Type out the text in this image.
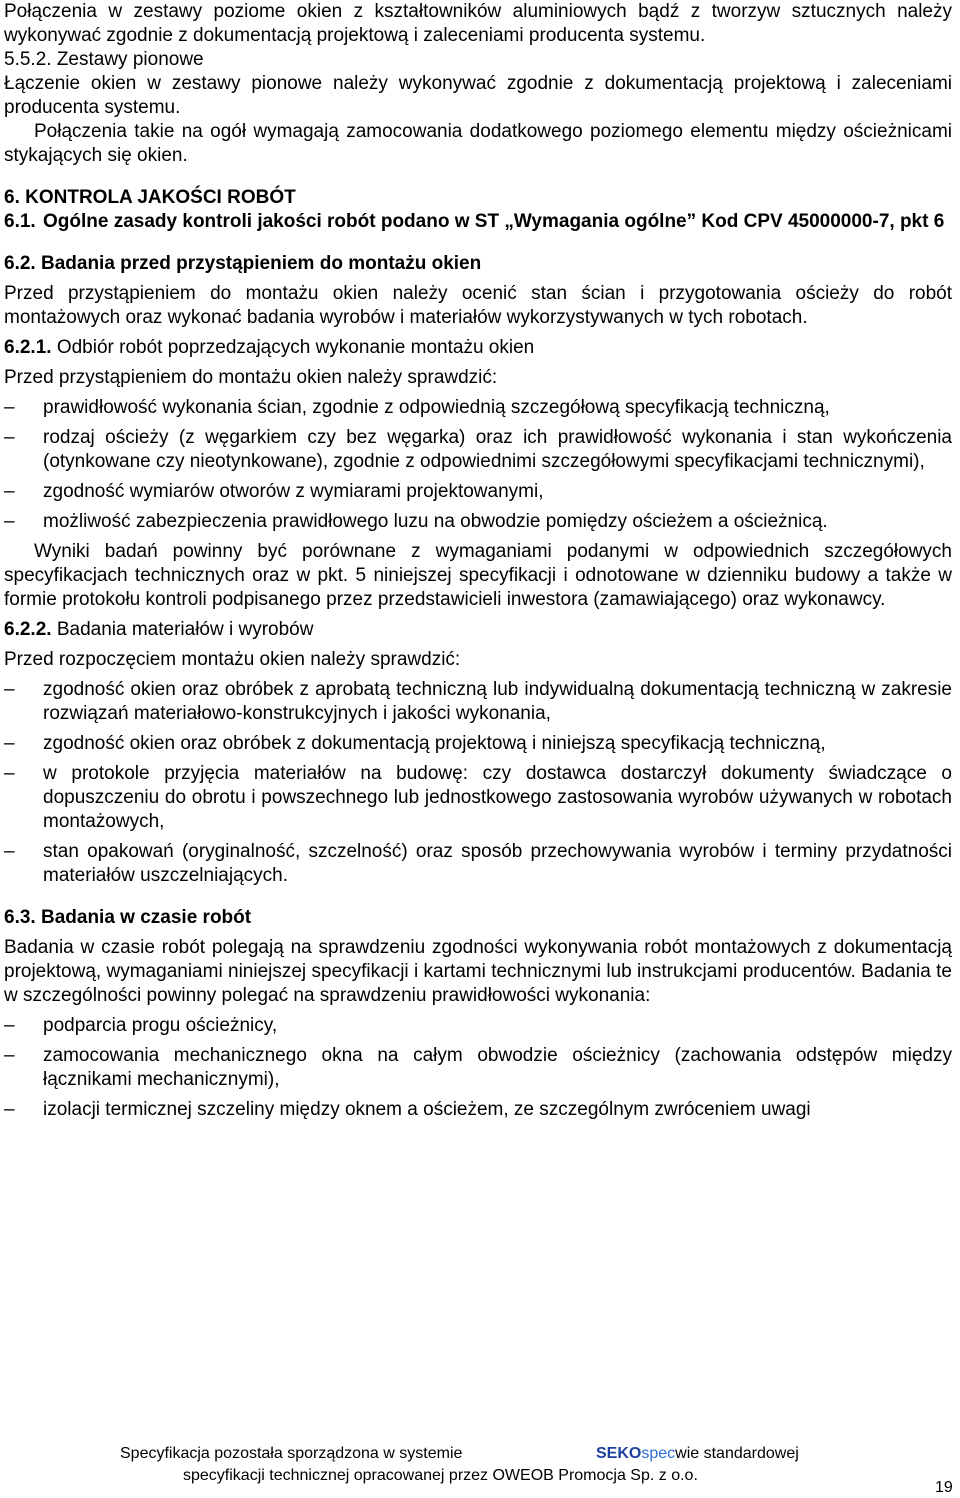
Połączenia w zestawy poziome okien z kształtowników aluminiowych bądź z tworzyw sztucznych należy wykonywać zgodnie z dokumentacją projektową i zaleceniami producenta systemu.

5.5.2. Zestawy pionowe

Łączenie okien w zestawy pionowe należy wykonywać zgodnie z dokumentacją projektową i zaleceniami producenta systemu.

Połączenia takie na ogół wymagają zamocowania dodatkowego poziomego elementu między ościeżnicami stykających się okien.

6. KONTROLA JAKOŚCI ROBÓT

6.1. Ogólne zasady kontroli jakości robót podano w ST „Wymagania ogólne” Kod CPV 45000000-7, pkt 6

6.2. Badania przed przystąpieniem do montażu okien

Przed przystąpieniem do montażu okien należy ocenić stan ścian i przygotowania ościeży do robót montażowych oraz wykonać badania wyrobów i materiałów wykorzystywanych w tych robotach.

6.2.1. Odbiór robót poprzedzających wykonanie montażu okien

Przed przystąpieniem do montażu okien należy sprawdzić:

– prawidłowość wykonania ścian, zgodnie z odpowiednią szczegółową specyfikacją techniczną,
– rodzaj ościeży (z węgarkiem czy bez węgarka) oraz ich prawidłowość wykonania i stan wykończenia (otynkowane czy nieotynkowane), zgodnie z odpowiednimi szczegółowymi specyfikacjami technicznymi),
– zgodność wymiarów otworów z wymiarami projektowanymi,
– możliwość zabezpieczenia prawidłowego luzu na obwodzie pomiędzy ościeżem a ościeżnicą.

Wyniki badań powinny być porównane z wymaganiami podanymi w odpowiednich szczegółowych specyfikacjach technicznych oraz w pkt. 5 niniejszej specyfikacji i odnotowane w dzienniku budowy a także w formie protokołu kontroli podpisanego przez przedstawicieli inwestora (zamawiającego) oraz wykonawcy.

6.2.2. Badania materiałów i wyrobów

Przed rozpoczęciem montażu okien należy sprawdzić:

– zgodność okien oraz obróbek z aprobatą techniczną lub indywidualną dokumentacją techniczną w zakresie rozwiązań materiałowo-konstrukcyjnych i jakości wykonania,
– zgodność okien oraz obróbek z dokumentacją projektową i niniejszą specyfikacją techniczną,
– w protokole przyjęcia materiałów na budowę: czy dostawca dostarczył dokumenty świadczące o dopuszczeniu do obrotu i powszechnego lub jednostkowego zastosowania wyrobów używanych w robotach montażowych,
– stan opakowań (oryginalność, szczelność) oraz sposób przechowywania wyrobów i terminy przydatności materiałów uszczelniających.

6.3. Badania w czasie robót

Badania w czasie robót polegają na sprawdzeniu zgodności wykonywania robót montażowych z dokumentacją projektową, wymaganiami niniejszej specyfikacji i kartami technicznymi lub instrukcjami producentów. Badania te w szczególności powinny polegać na sprawdzeniu prawidłowości wykonania:

– podparcia progu ościeżnicy,
– zamocowania mechanicznego okna na całym obwodzie ościeżnicy (zachowania odstępów między łącznikami mechanicznymi),
– izolacji termicznej szczeliny między oknem a ościeżem, ze szczególnym zwróceniem uwagi
Specyfikacja pozostała sporządzona w systemie	SEKOspecwie standardowej
specyfikacji technicznej opracowanej przez OWEOB Promocja Sp. z o.o.
19
